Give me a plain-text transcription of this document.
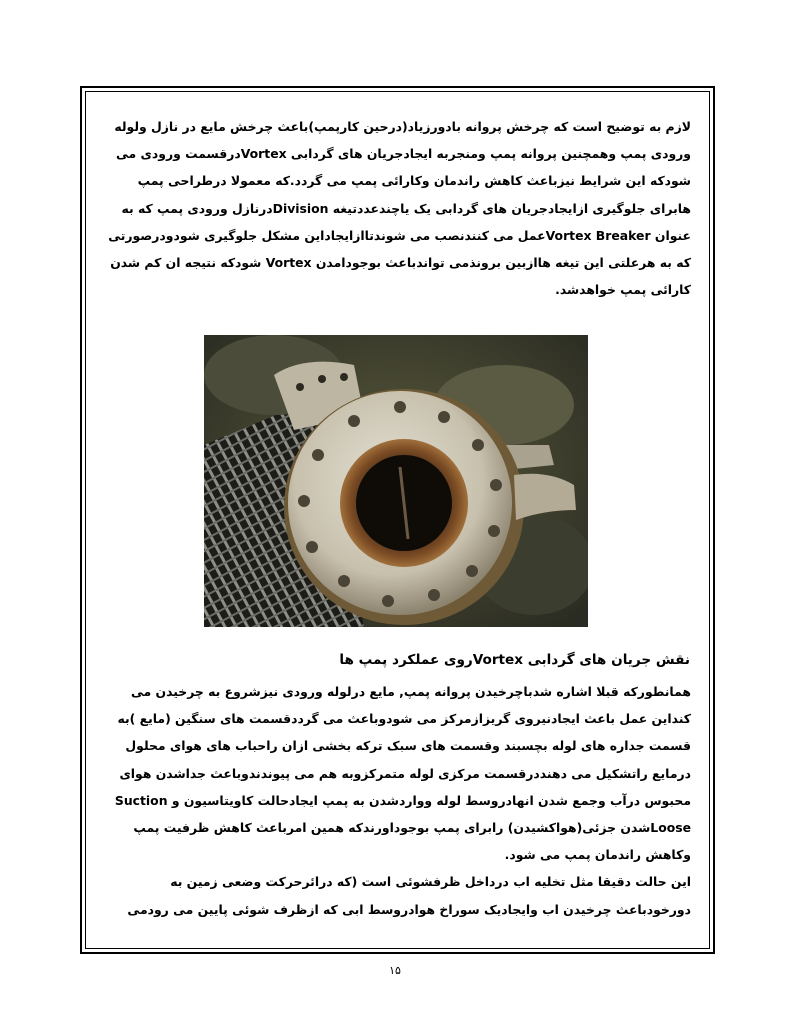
لازم به توضیح است که چرخش پروانه بادورزیاد(درحین کارپمپ)باعث چرخش مایع در نازل ولوله
ورودی پمپ وهمچنین پروانه پمپ ومنجربه ایجادجریان های گردابی Vortexدرقسمت ورودی می
شودکه این شرایط نیزباعث کاهش راندمان وکارائی پمپ می گردد.که معمولا درطراحی پمپ
هابرای جلوگیری ازایجادجریان های گردابی یک یاچندعددتیغه Divisionدرنازل ورودی پمپ که به
عنوان Vortex Breakerعمل می کنندنصب می شوندتاازایجاداین مشکل جلوگیری شودودرصورتی
که به هرعلتی این تیغه هاازبین برونذمی تواندباعث بوجودامدن Vortex شودکه نتیجه ان کم شدن
کارائی پمپ خواهدشد.

نقش جریان های گردابی Vortexروی عملکرد پمپ ها

همانطورکه قبلا اشاره شدباچرخیدن پروانه پمپ, مایع درلوله ورودی نیزشروع به چرخیدن می
کنداین عمل باعث ایجادنیروی گریزازمرکز می شودوباعث می گرددقسمت های سنگین (مایع )به
قسمت جداره های لوله بچسبند وقسمت های سبک ترکه بخشی ازان راحباب های هوای محلول
درمایع راتشکیل می دهنددرقسمت مرکزی لوله متمرکزوبه هم می پیوندندوباعث جداشدن هوای
محبوس درآب وجمع شدن انهادروسط لوله وواردشدن به پمپ ایجادحالت کاویتاسیون و Suction
Looseشدن جزئی(هواکشیدن) رابرای پمپ بوجوداورندکه همین امرباعث کاهش ظرفیت پمپ
وکاهش راندمان پمپ می شود.
این حالت دقیقا مثل تخلیه اب درداخل ظرفشوئی است (که درائرحرکت وضعی زمین به
دورخودباعث چرخیدن اب وایجادیک سوراخ هوادروسط ابی که ازظرف شوئی پایین می رودمی
۱۵
